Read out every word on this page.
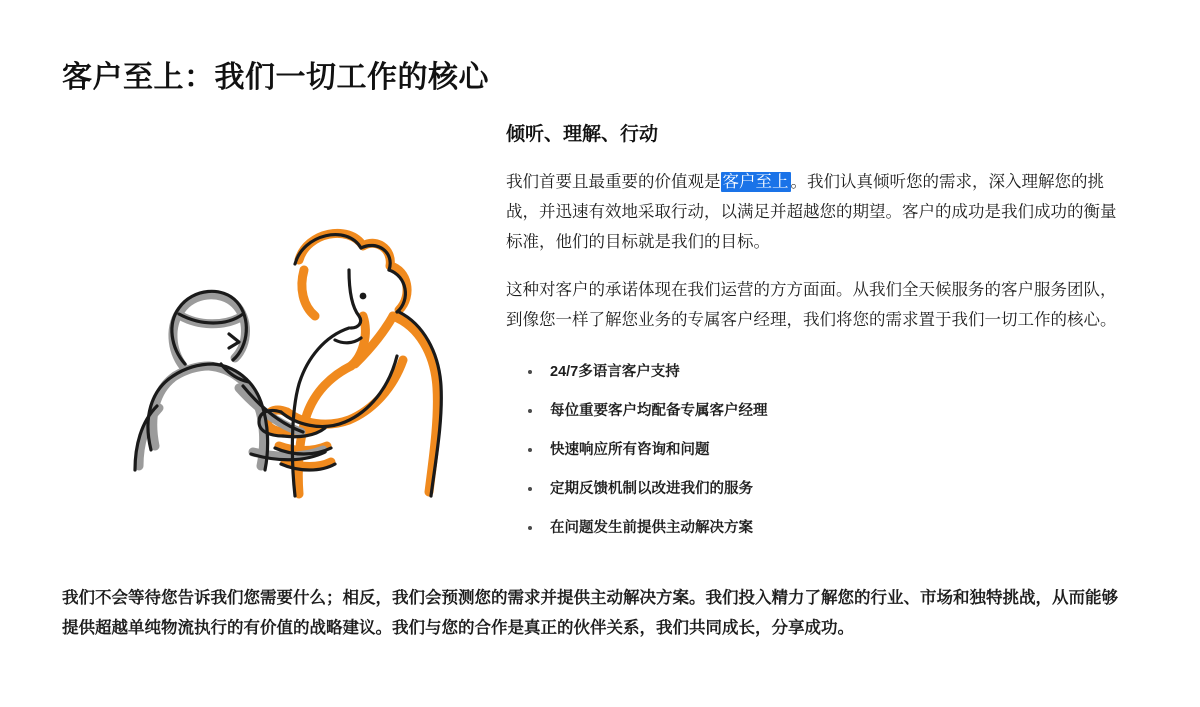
客户至上：我们一切工作的核心
倾听、理解、行动

我们首要且最重要的价值观是 客户至上 。我们认真倾听您的需求，深入理解您的挑战，并迅速有效地采取行动，以满足并超越您的期望。客户的成功是我们成功的衡量标准，他们的目标就是我们的目标。

这种对客户的承诺体现在我们运营的方方面面。从我们全天候服务的客户服务团队，到像您一样了解您业务的专属客户经理，我们将您的需求置于我们一切工作的核心。

24/7多语言客户支持
每位重要客户均配备专属客户经理
快速响应所有咨询和问题
定期反馈机制以改进我们的服务
在问题发生前提供主动解决方案

我们不会等待您告诉我们您需要什么；相反，我们会预测您的需求并提供主动解决方案。我们投入精力了解您的行业、市场和独特挑战，从而能够提供超越单纯物流执行的有价值的战略建议。我们与您的合作是真正的伙伴关系，我们共同成长，分享成功。
